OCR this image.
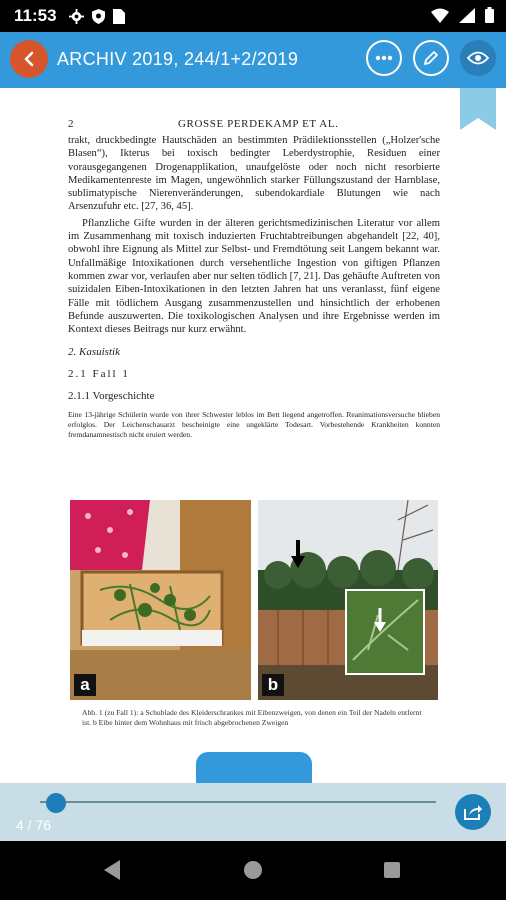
11:53
ARCHIV 2019, 244/1+2/2019
2	GROSSE PERDEKAMP ET AL.

trakt, druckbedingte Hautschäden an bestimmten Prädilektionsstellen („Holzer'sche Blasen“), Ikterus bei toxisch bedingter Leberdystrophie, Residuen einer vorausgegangenen Drogenapplikation, unaufgelöste oder noch nicht resorbierte Medikamentenreste im Magen, ungewöhnlich starker Füllungszustand der Harnblase, sublimatypische Nierenveränderungen, subendokardiale Blutungen wie nach Arsenzufuhr etc. [27, 36, 45].

Pflanzliche Gifte wurden in der älteren gerichtsmedizinischen Literatur vor allem im Zusammenhang mit toxisch induzierten Fruchtabtreibungen abgehandelt [22, 40], obwohl ihre Eignung als Mittel zur Selbst- und Fremdtötung seit Langem bekannt war. Unfallmäßige Intoxikationen durch versehentliche Ingestion von giftigen Pflanzen kommen zwar vor, verlaufen aber nur selten tödlich [7, 21]. Das gehäufte Auftreten von suizidalen Eiben-Intoxikationen in den letzten Jahren hat uns veranlasst, fünf eigene Fälle mit tödlichem Ausgang zusammenzustellen und hinsichtlich der erhobenen Befunde auszuwerten. Die toxikologischen Analysen und ihre Ergebnisse werden im Kontext dieses Beitrags nur kurz erwähnt.

2. Kasuistik
2.1 Fall 1
2.1.1 Vorgeschichte
Eine 13-jährige Schülerin wurde von ihrer Schwester leblos im Bett liegend angetroffen. Reanimationsversuche blieben erfolglos. Der Leichenschauarzt bescheinigte eine ungeklärte Todesart. Vorbestehende Krankheiten konnten fremdanamnestisch nicht eruiert werden.
a	b
Abb. 1 (zu Fall 1): a Schublade des Kleiderschrankes mit Eibenzweigen, von denen ein Teil der Nadeln entfernt ist. b Eibe hinter dem Wohnhaus mit frisch abgebrochenen Zweigen
4 / 76
